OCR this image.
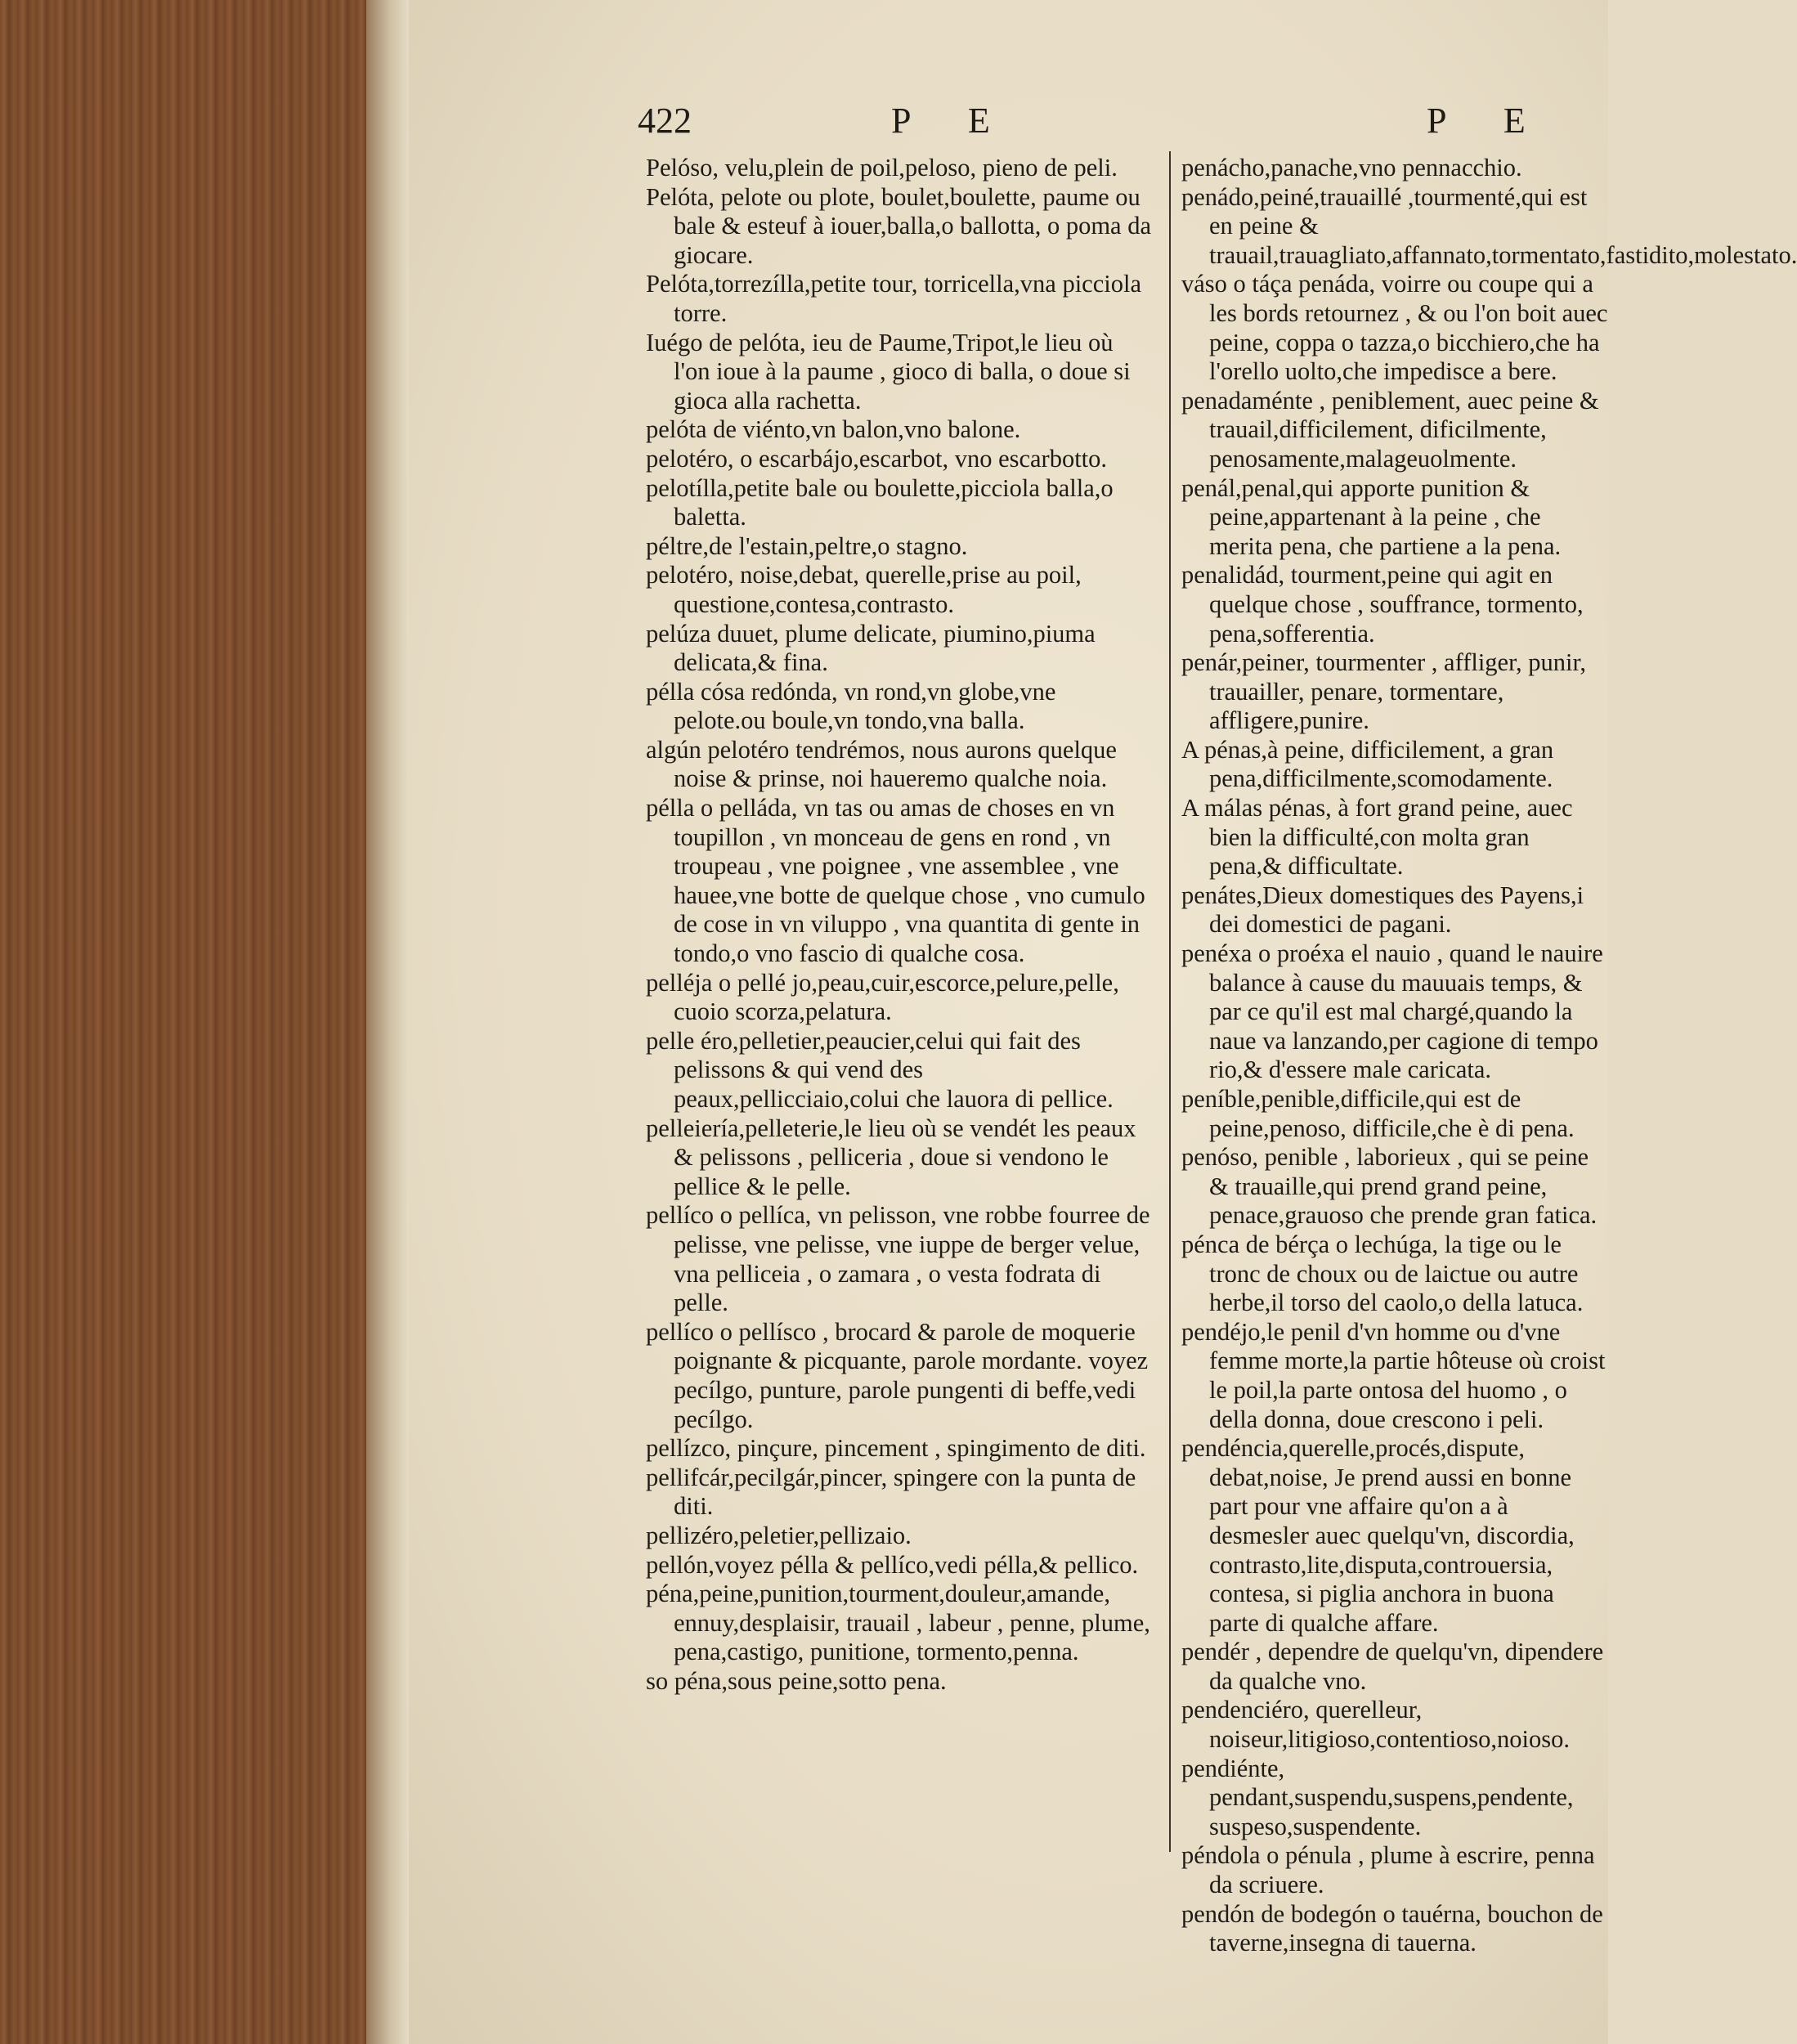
422	P E	P E

Pelóso, velu,plein de poil,peloso, pieno de peli.

Pelóta, pelote ou plote, boulet,boulette, paume ou bale & esteuf à iouer,balla,o ballotta, o poma da giocare.

Pelóta,torrezílla,petite tour, torricella,vna picciola torre.

Iuégo de pelóta, ieu de Paume,Tripot,le lieu où l'on ioue à la paume , gioco di balla, o doue si gioca alla rachetta.

pelóta de viénto,vn balon,vno balone.

pelotéro, o escarbájo,escarbot, vno escarbotto.

pelotílla,petite bale ou boulette,picciola balla,o baletta.

péltre,de l'estain,peltre,o stagno.

pelotéro, noise,debat, querelle,prise au poil, questione,contesa,contrasto.

pelúza duuet, plume delicate, piumino,piuma delicata,& fina.

pélla cósa redónda, vn rond,vn globe,vne pelote.ou boule,vn tondo,vna balla.

algún pelotéro tendrémos, nous aurons quelque noise & prinse, noi haueremo qualche noia.

pélla o pelláda, vn tas ou amas de choses en vn toupillon , vn monceau de gens en rond , vn troupeau , vne poignee , vne assemblee , vne hauee,vne botte de quelque chose , vno cumulo de cose in vn viluppo , vna quantita di gente in tondo,o vno fascio di qualche cosa.

pelléja o pellé jo,peau,cuir,escorce,pelure,pelle, cuoio scorza,pelatura.

pelle éro,pelletier,peaucier,celui qui fait des pelissons & qui vend des peaux,pellicciaio,colui che lauora di pellice.

pelleiería,pelleterie,le lieu où se vendét les peaux & pelissons , pelliceria , doue si vendono le pellice & le pelle.

pellíco o pellíca, vn pelisson, vne robbe fourree de pelisse, vne pelisse, vne iuppe de berger velue, vna pelliceia , o zamara , o vesta fodrata di pelle.

pellíco o pellísco , brocard & parole de moquerie poignante & picquante, parole mordante. voyez pecílgo, punture, parole pungenti di beffe,vedi pecílgo.

pellízco, pinçure, pincement , spingimento de diti.

pellifcár,pecilgár,pincer, spingere con la punta de diti.

pellizéro,peletier,pellizaio.

pellón,voyez pélla & pellíco,vedi pélla,& pellico.

péna,peine,punition,tourment,douleur,amande, ennuy,desplaisir, trauail , labeur , penne, plume, pena,castigo, punitione, tormento,penna.

so péna,sous peine,sotto pena.

penácho,panache,vno pennacchio.

penádo,peiné,trauaillé ,tourmenté,qui est en peine & trauail,trauagliato,affannato,tormentato,fastidito,molestato.

váso o táça penáda, voirre ou coupe qui a les bords retournez , & ou l'on boit auec peine, coppa o tazza,o bicchiero,che ha l'orello uolto,che impedisce a bere.

penadaménte , peniblement, auec peine & trauail,difficilement, dificilmente, penosamente,malageuolmente.

penál,penal,qui apporte punition & peine,appartenant à la peine , che merita pena, che partiene a la pena.

penalidád, tourment,peine qui agit en quelque chose , souffrance, tormento, pena,sofferentia.

penár,peiner, tourmenter , affliger, punir, trauailler, penare, tormentare, affligere,punire.

A pénas,à peine, difficilement, a gran pena,difficilmente,scomodamente.

A málas pénas, à fort grand peine, auec bien la difficulté,con molta gran pena,& difficultate.

penátes,Dieux domestiques des Payens,i dei domestici de pagani.

penéxa o proéxa el nauio , quand le nauire balance à cause du mauuais temps, & par ce qu'il est mal chargé,quando la naue va lanzando,per cagione di tempo rio,& d'essere male caricata.

peníble,penible,difficile,qui est de peine,penoso, difficile,che è di pena.

penóso, penible , laborieux , qui se peine & trauaille,qui prend grand peine, penace,grauoso che prende gran fatica.

pénca de bérça o lechúga, la tige ou le tronc de choux ou de laictue ou autre herbe,il torso del caolo,o della latuca.

pendéjo,le penil d'vn homme ou d'vne femme morte,la partie hôteuse où croist le poil,la parte ontosa del huomo , o della donna, doue crescono i peli.

pendéncia,querelle,procés,dispute, debat,noise, Je prend aussi en bonne part pour vne affaire qu'on a à desmesler auec quelqu'vn, discordia, contrasto,lite,disputa,controuersia, contesa, si piglia anchora in buona parte di qualche affare.

pendér , dependre de quelqu'vn, dipendere da qualche vno.

pendenciéro, querelleur, noiseur,litigioso,contentioso,noioso.

pendiénte, pendant,suspendu,suspens,pendente, suspeso,suspendente.

péndola o pénula , plume à escrire, penna da scriuere.

pendón de bodegón o tauérna, bouchon de taverne,insegna di tauerna.
